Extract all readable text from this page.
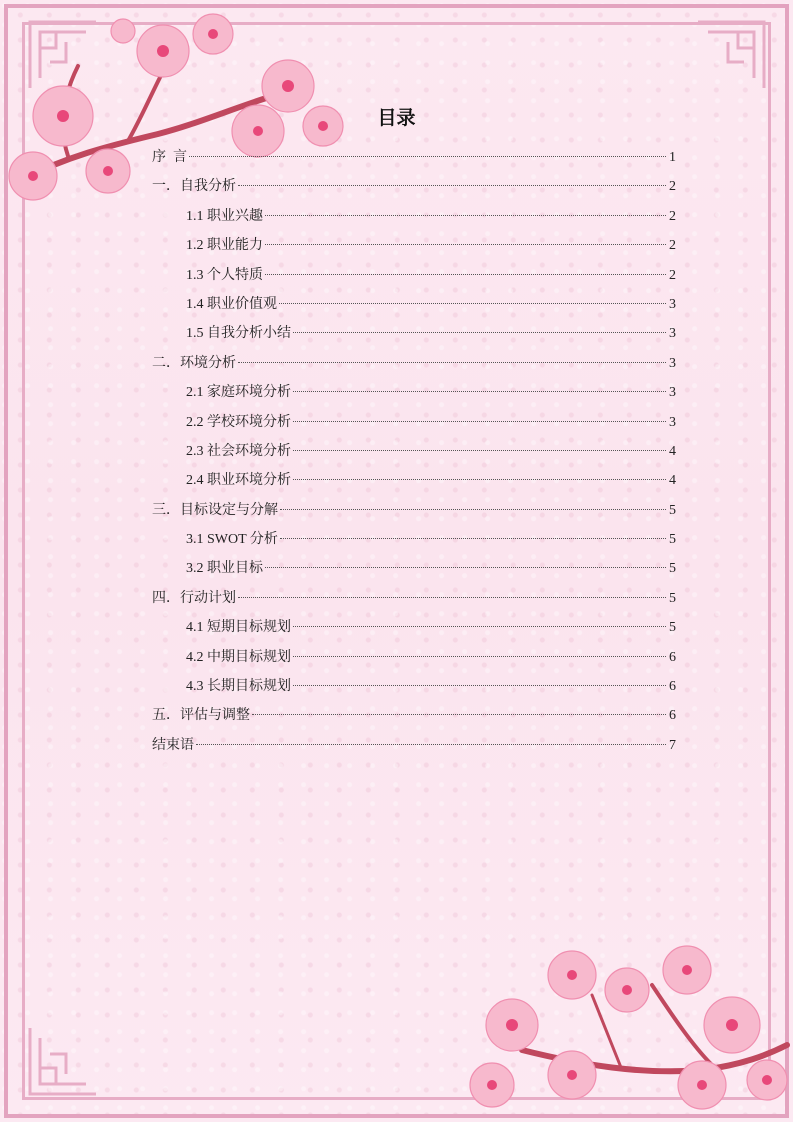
目录
序  言	1
一．自我分析	2
1.1 职业兴趣	2
1.2 职业能力	2
1.3 个人特质	2
1.4 职业价值观	3
1.5 自我分析小结	3
二．环境分析	3
2.1 家庭环境分析	3
2.2 学校环境分析	3
2.3 社会环境分析	4
2.4 职业环境分析	4
三．目标设定与分解	5
3.1 SWOT 分析	5
3.2 职业目标	5
四．行动计划	5
4.1 短期目标规划	5
4.2 中期目标规划	6
4.3 长期目标规划	6
五．评估与调整	6
结束语	7
